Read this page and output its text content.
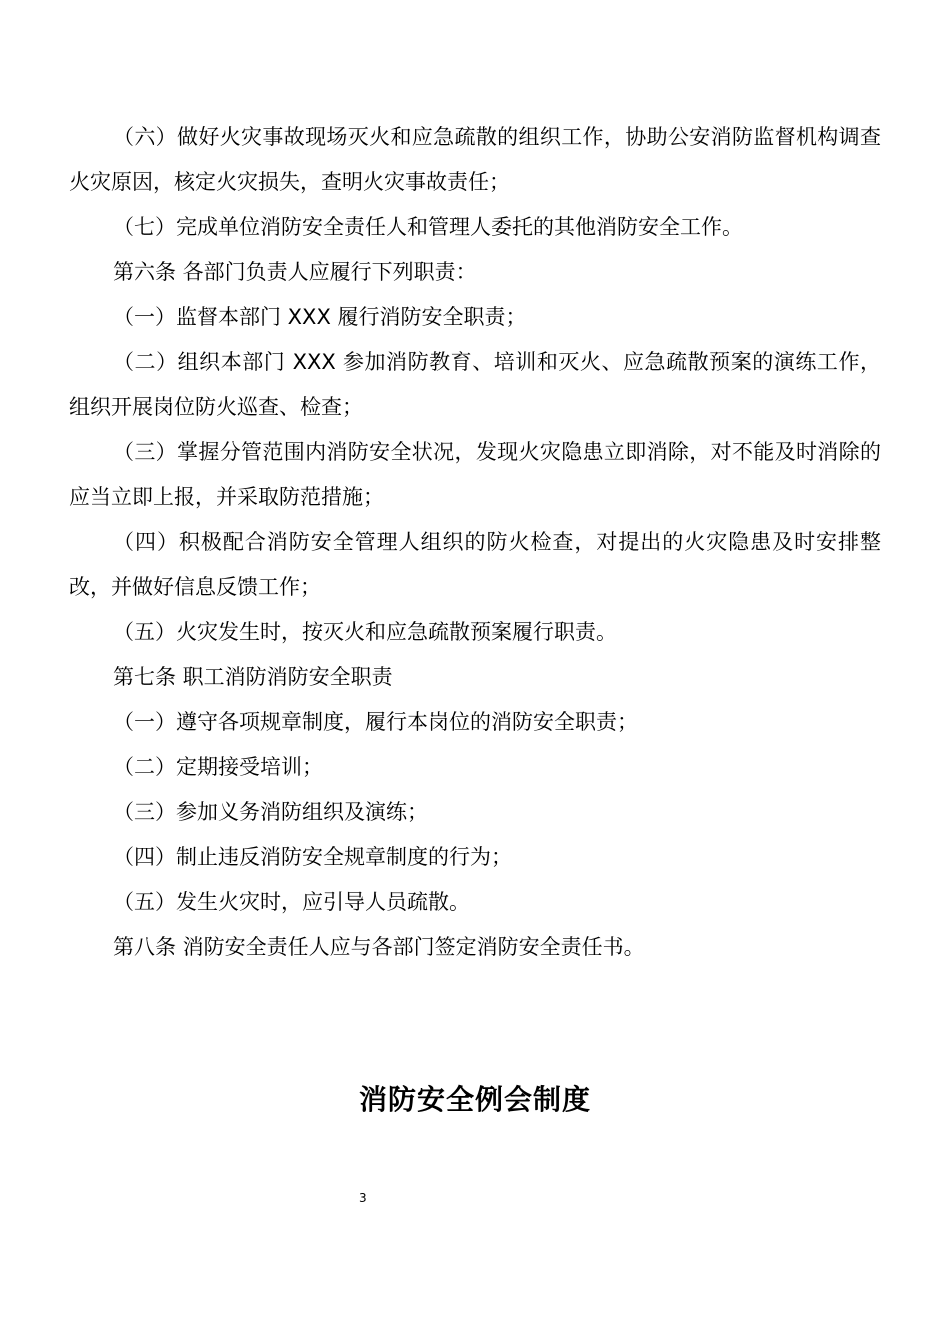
（六）做好火灾事故现场灭火和应急疏散的组织工作，协助公安消防监督机构调查火灾原因，核定火灾损失，查明火灾事故责任；

（七）完成单位消防安全责任人和管理人委托的其他消防安全工作。

第六条 各部门负责人应履行下列职责：

（一）监督本部门 XXX 履行消防安全职责；

（二）组织本部门 XXX 参加消防教育、培训和灭火、应急疏散预案的演练工作，组织开展岗位防火巡查、检查；

（三）掌握分管范围内消防安全状况，发现火灾隐患立即消除，对不能及时消除的应当立即上报，并采取防范措施；

（四）积极配合消防安全管理人组织的防火检查，对提出的火灾隐患及时安排整改，并做好信息反馈工作；

（五）火灾发生时，按灭火和应急疏散预案履行职责。

第七条 职工消防消防安全职责

（一）遵守各项规章制度，履行本岗位的消防安全职责；

（二）定期接受培训；

（三）参加义务消防组织及演练；

（四）制止违反消防安全规章制度的行为；

（五）发生火灾时，应引导人员疏散。

第八条 消防安全责任人应与各部门签定消防安全责任书。

消防安全例会制度
3
